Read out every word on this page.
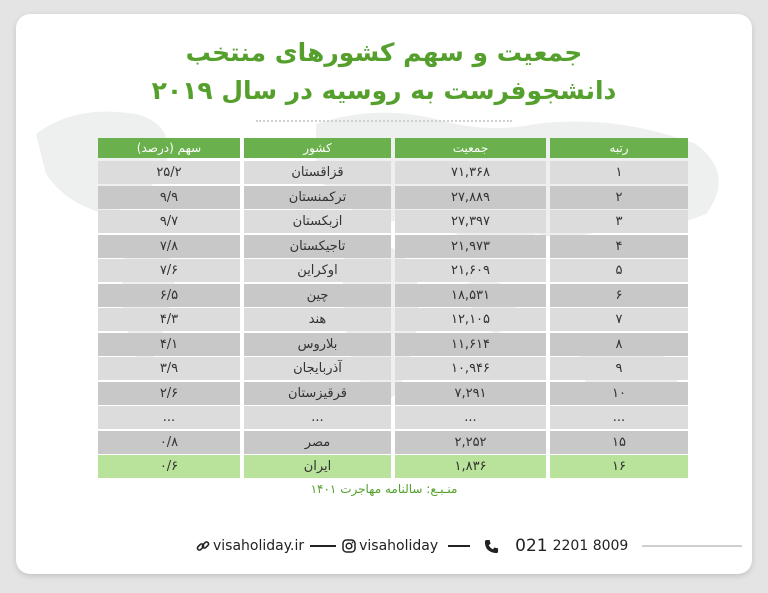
جمعیت و سهم کشورهای منتخب
دانشجوفرست به روسیه در سال ۲۰۱۹
سهم (درصد)	کشور	جمعیت	رتبه
۲۵/۲	قزاقستان	۷۱,۳۶۸	۱
۹/۹	ترکمنستان	۲۷,۸۸۹	۲
۹/۷	ازبکستان	۲۷,۳۹۷	۳
۷/۸	تاجیکستان	۲۱,۹۷۳	۴
۷/۶	اوکراین	۲۱,۶۰۹	۵
۶/۵	چین	۱۸,۵۳۱	۶
۴/۳	هند	۱۲,۱۰۵	۷
۴/۱	بلاروس	۱۱,۶۱۴	۸
۳/۹	آذربایجان	۱۰,۹۴۶	۹
۲/۶	قرقیزستان	۷,۲۹۱	۱۰
...	...	...	...
۰/۸	مصر	۲,۲۵۲	۱۵
۰/۶	ایران	۱,۸۳۶	۱۶
منـبـع: سالنامه مهاجرت ۱۴۰۱
visaholiday.ir	visaholiday	021 2201 8009
